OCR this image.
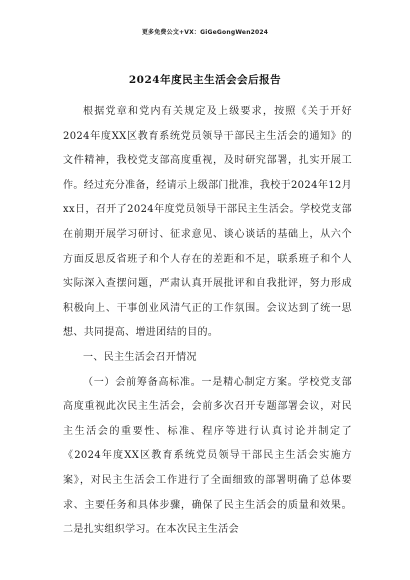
更多免费公文+VX：GiGeGongWen2024
2024年度民主生活会会后报告

根据党章和党内有关规定及上级要求，按照《关于开好2024年度XX区教育系统党员领导干部民主生活会的通知》的文件精神，我校党支部高度重视，及时研究部署，扎实开展工作。经过充分准备，经请示上级部门批准，我校于2024年12月xx日，召开了2024年度党员领导干部民主生活会。学校党支部在前期开展学习研讨、征求意见、谈心谈话的基础上，从六个方面反思反省班子和个人存在的差距和不足，联系班子和个人实际深入查摆问题，严肃认真开展批评和自我批评，努力形成积极向上、干事创业风清气正的工作氛围。会议达到了统一思想、共同提高、增进团结的目的。

一、民主生活会召开情况

（一）会前筹备高标准。一是精心制定方案。学校党支部高度重视此次民主生活会，会前多次召开专题部署会议，对民主生活会的重要性、标准、程序等进行认真讨论并制定了《2024年度XX区教育系统党员领导干部民主生活会实施方案》，对民主生活会工作进行了全面细致的部署明确了总体要求、主要任务和具体步骤，确保了民主生活会的质量和效果。二是扎实组织学习。在本次民主生活会
